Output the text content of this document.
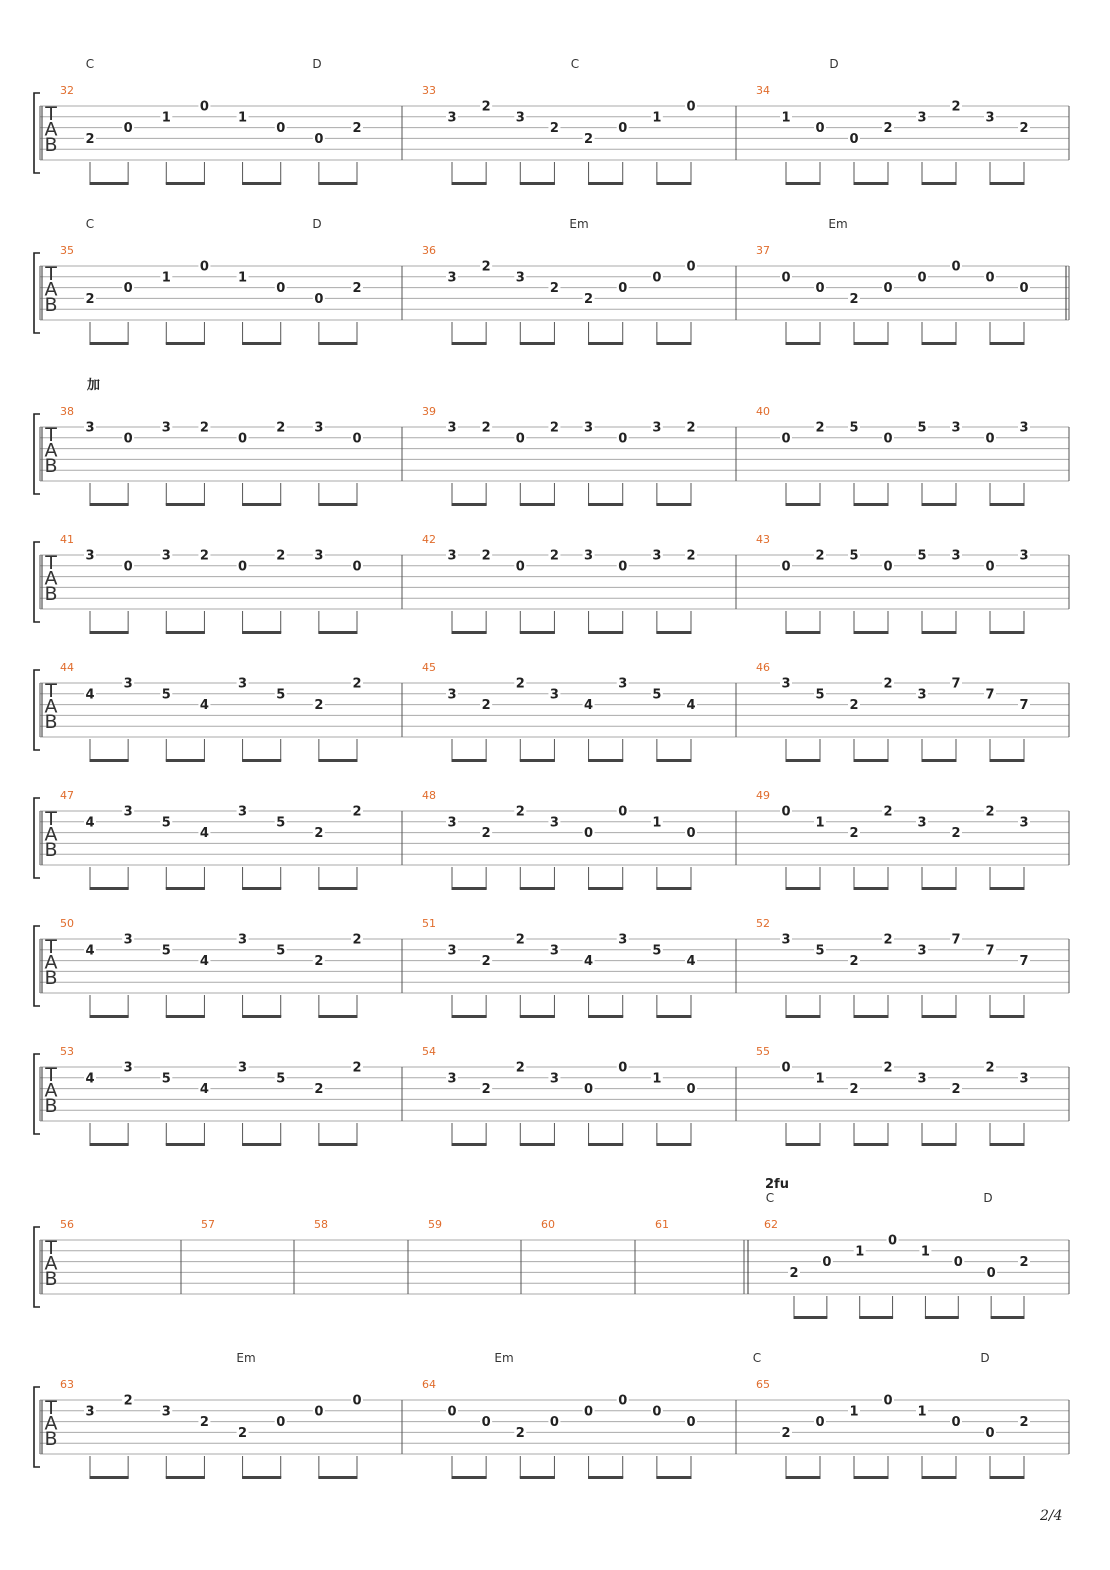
T
A
B
C	D	C	D
32
2
0
1
0
1
0
0
2
33
3
2
3
2
2
0
1
0
34
1
0
0
2
3
2
3
2
T
A
B
C	D	Em	Em
35
2
0
1
0
1
0
0
2
36
3
2
3
2
2
0
0
0
37
0
0
2
0
0
0
0
0
T
A
B
加
38
3
0
3 2
0
2 3
0
39
3 2
0
2 3
0
3 2
40
0
2 5
0
5 3
0
3
T
A
B
41
3
0
3 2
0
2 3
0
42
3 2
0
2 3
0
3 2
43
0
2 5
0
5 3
0
3
T
A
B
44
4
3
5
4
3
5
2
2
45
3
2
2
3
4
3
5
4
46
3
5
2
2
3
7
7
7
T
A
B
47
4
3
5
4
3
5
2
2
48
3
2
2
3
0
0
1
0
49
0
1
2
2
3
2
2
3
T
A
B
50
4
3
5
4
3
5
2
2
51
3
2
2
3
4
3
5
4
52
3
5
2
2
3
7
7
7
T
A
B
53
4
3
5
4
3
5
2
2
54
3
2
2
3
0
0
1
0
55
0
1
2
2
3
2
2
3
T
A
B
C	D
2fu
56	57	58	59	60	61	62
2
0
1
0
1
0
0
2
T
A
B
Em	Em	C	D
63
3
2
3
2
2
0
0
0
64
0
0
2
0
0
0
0
0
65
2
0
1
0
1
0
0
2
2/4
